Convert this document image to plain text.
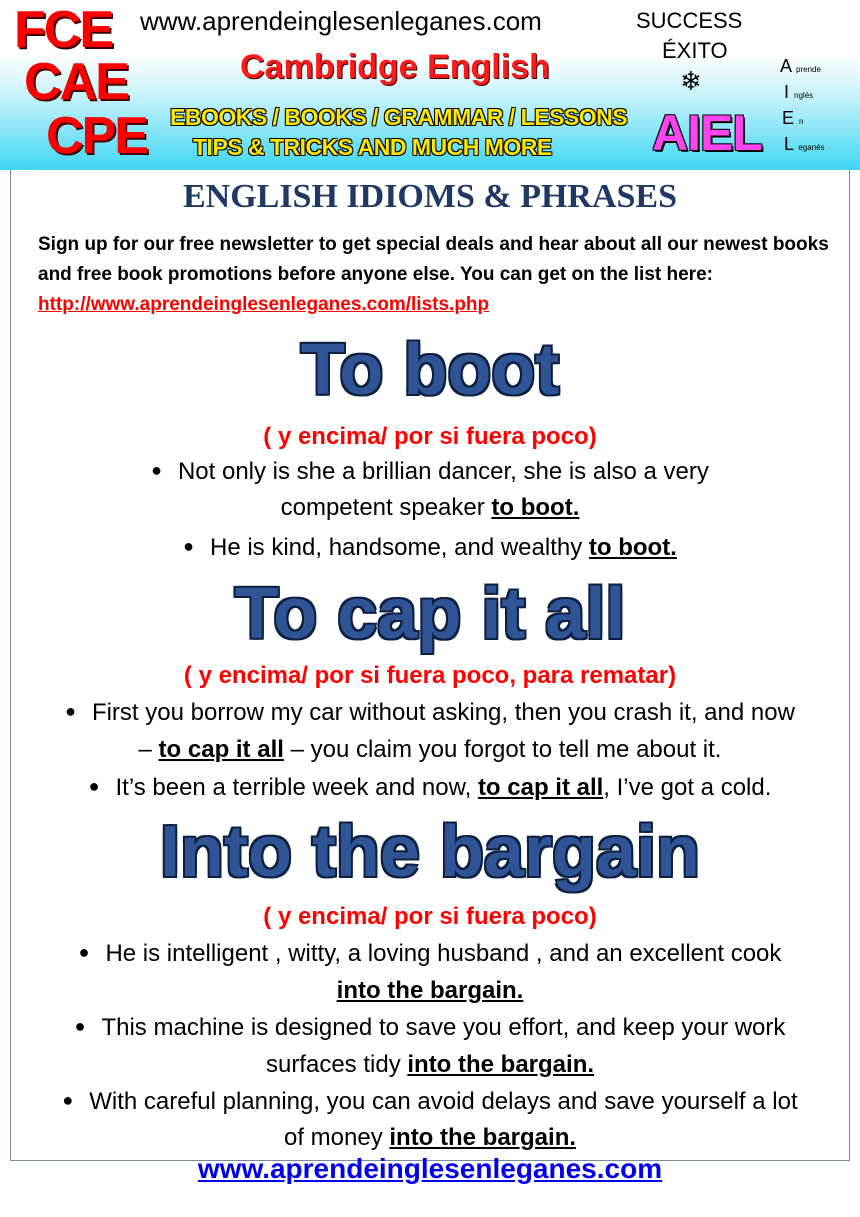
FCE
CAE
CPE
www.aprendeinglesenleganes.com
Cambridge English
EBOOKS / BOOKS / GRAMMAR / LESSONS
TIPS & TRICKS AND MUCH MORE
SUCCESS
ÉXITO
❄
AIEL
A prende
I nglés
E n
L eganés
ENGLISH IDIOMS & PHRASES
Sign up for our free newsletter to get special deals and hear about all our newest books and free book promotions before anyone else. You can get on the list here: http://www.aprendeinglesenleganes.com/lists.php
To boot
( y encima/ por si fuera poco)
● Not only is she a brillian dancer, she is also a very
competent speaker to boot.
● He is kind, handsome, and wealthy to boot.
To cap it all
( y encima/ por si fuera poco, para rematar)
● First you borrow my car without asking, then you crash it, and now
– to cap it all – you claim you forgot to tell me about it.
● It’s been a terrible week and now, to cap it all, I’ve got a cold.
Into the bargain
( y encima/ por si fuera poco)
● He is intelligent , witty, a loving husband , and an excellent cook
into the bargain.
● This machine is designed to save you effort, and keep your work
surfaces tidy into the bargain.
● With careful planning, you can avoid delays and save yourself a lot
of money into the bargain.
www.aprendeinglesenleganes.com
